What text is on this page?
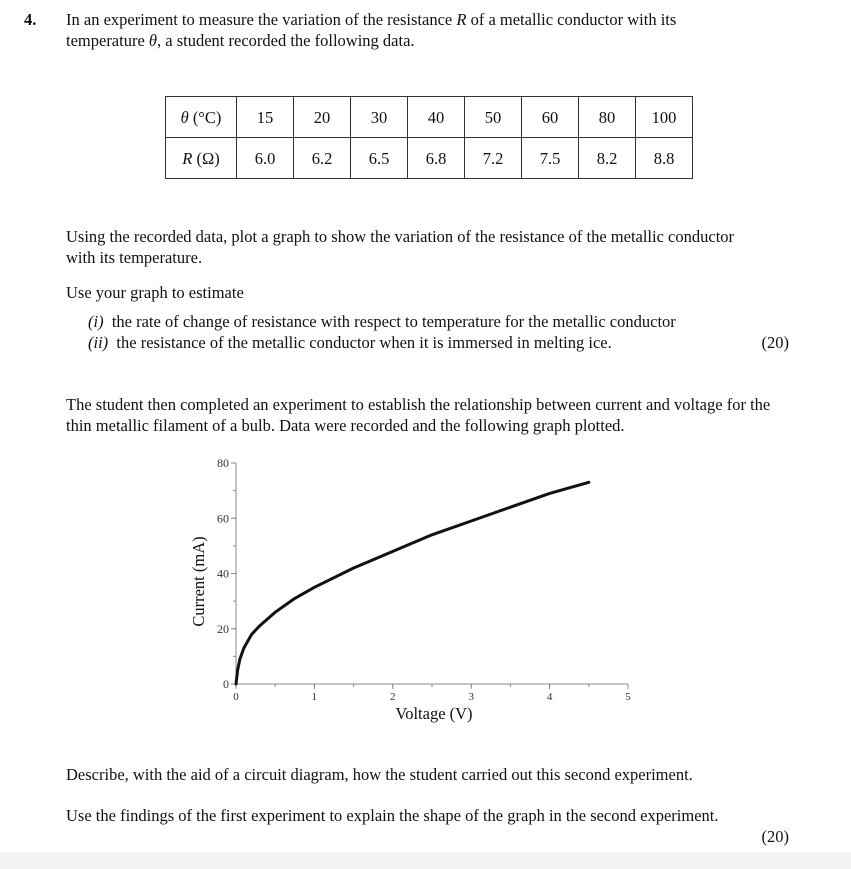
4. In an experiment to measure the variation of the resistance R of a metallic conductor with its temperature θ, a student recorded the following data.
θ (°C)	15	20	30	40	50	60	80	100
R (Ω)	6.0	6.2	6.5	6.8	7.2	7.5	8.2	8.8
Using the recorded data, plot a graph to show the variation of the resistance of the metallic conductor with its temperature.
Use your graph to estimate
(i) the rate of change of resistance with respect to temperature for the metallic conductor
(ii) the resistance of the metallic conductor when it is immersed in melting ice.	(20)
The student then completed an experiment to establish the relationship between current and voltage for the thin metallic filament of a bulb. Data were recorded and the following graph plotted.
0
20
40
60
80
0	1	2	3	4	5
Voltage (V)
Current (mA)
Describe, with the aid of a circuit diagram, how the student carried out this second experiment.
Use the findings of the first experiment to explain the shape of the graph in the second experiment.
(20)
